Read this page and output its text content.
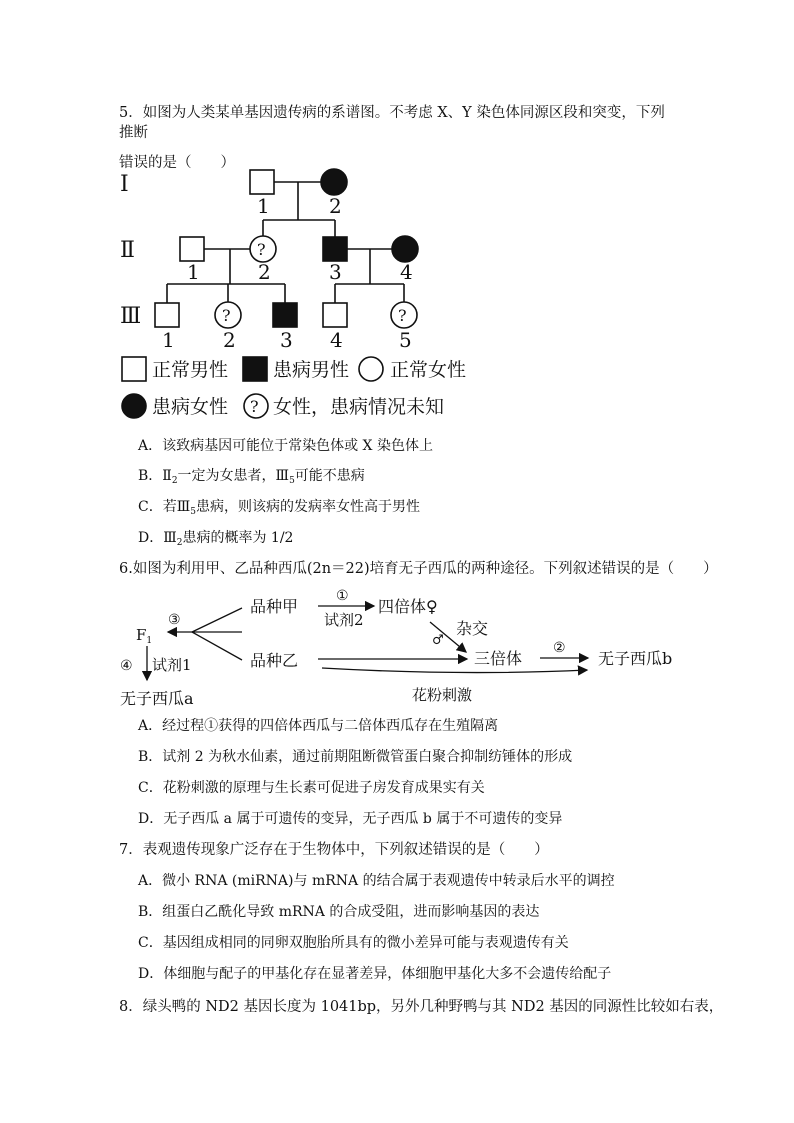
5．如图为人类某单基因遗传病的系谱图。不考虑 X、Y 染色体同源区段和突变，下列推断
错误的是（　　）
Ⅰ
Ⅱ
Ⅲ
1	2
1	2	3	4
1 2 3 4	5
?
?	?
?
正常男性 患病男性 正常女性
患病女性 女性，患病情况未知
A．该致病基因可能位于常染色体或 X 染色体上
B．$Ⅱ_2$一定为女患者，$Ⅲ_5$可能不患病
C．若$Ⅲ_5$患病，则该病的发病率女性高于男性
D．$Ⅲ_2$患病的概率为 1/2
6.如图为利用甲、乙品种西瓜(2n＝22)培育无子西瓜的两种途径。下列叙述错误的是（　　）
品种甲
品种乙
①
试剂2
四倍体♀
杂交
♂
三倍体
②
无子西瓜b
③
$F_1$
④ 试剂1
无子西瓜a	花粉刺激
A．经过程①获得的四倍体西瓜与二倍体西瓜存在生殖隔离
B．试剂 2 为秋水仙素，通过前期阻断微管蛋白聚合抑制纺锤体的形成
C．花粉刺激的原理与生长素可促进子房发育成果实有关
D．无子西瓜 a 属于可遗传的变异，无子西瓜 b 属于不可遗传的变异
7．表观遗传现象广泛存在于生物体中，下列叙述错误的是（　　）
A．微小 RNA (miRNA)与 mRNA 的结合属于表观遗传中转录后水平的调控
B．组蛋白乙酰化导致 mRNA 的合成受阻，进而影响基因的表达
C．基因组成相同的同卵双胞胎所具有的微小差异可能与表观遗传有关
D．体细胞与配子的甲基化存在显著差异，体细胞甲基化大多不会遗传给配子
8．绿头鸭的 ND2 基因长度为 1041bp，另外几种野鸭与其 ND2 基因的同源性比较如右表，
